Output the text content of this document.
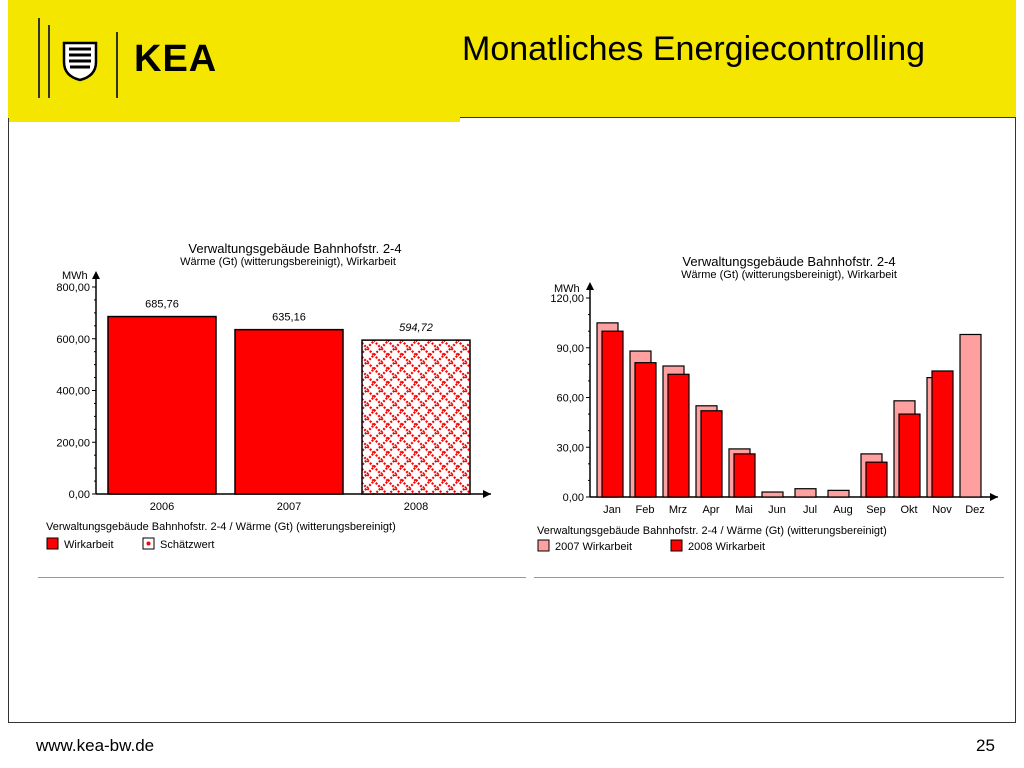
KEA	Monatliches Energiecontrolling
Verwaltungsgebäude Bahnhofstr. 2-4
Wärme (Gt) (witterungsbereinigt), Wirkarbeit
MWh
0,00
200,00
400,00
600,00
800,00
685,76
2006
635,16
2007
594,72
2008
Verwaltungsgebäude Bahnhofstr. 2-4 / Wärme (Gt) (witterungsbereinigt)
Wirkarbeit	Schätzwert
Verwaltungsgebäude Bahnhofstr. 2-4
Wärme (Gt) (witterungsbereinigt), Wirkarbeit
MWh
0,00
30,00
60,00
90,00
120,00
Jan Feb Mrz Apr Mai Jun Jul Aug Sep Okt Nov Dez
Verwaltungsgebäude Bahnhofstr. 2-4 / Wärme (Gt) (witterungsbereinigt)
2007 Wirkarbeit	2008 Wirkarbeit
www.kea-bw.de	25
